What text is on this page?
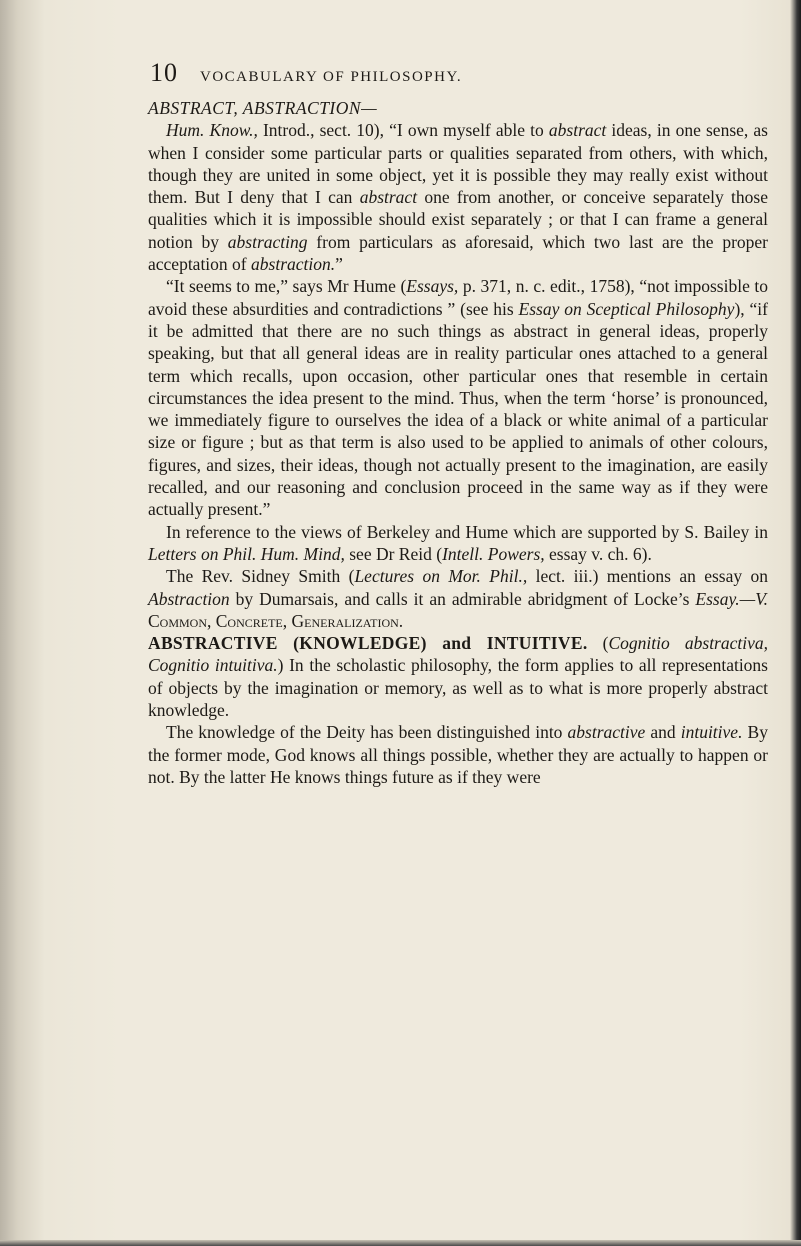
10 VOCABULARY OF PHILOSOPHY.

ABSTRACT, ABSTRACTION—

Hum. Know., Introd., sect. 10), “I own myself able to abstract ideas, in one sense, as when I consider some particular parts or qualities separated from others, with which, though they are united in some object, yet it is possible they may really exist without them. But I deny that I can abstract one from another, or conceive separately those qualities which it is impossible should exist separately ; or that I can frame a general notion by abstracting from particulars as aforesaid, which two last are the proper acceptation of abstraction.”

“It seems to me,” says Mr Hume (Essays, p. 371, n. c. edit., 1758), “not impossible to avoid these absurdities and contradictions ” (see his Essay on Sceptical Philosophy), “if it be admitted that there are no such things as abstract in general ideas, properly speaking, but that all general ideas are in reality particular ones attached to a general term which recalls, upon occasion, other particular ones that resemble in certain circumstances the idea present to the mind. Thus, when the term ‘horse’ is pronounced, we immediately figure to ourselves the idea of a black or white animal of a particular size or figure ; but as that term is also used to be applied to animals of other colours, figures, and sizes, their ideas, though not actually present to the imagination, are easily recalled, and our reasoning and conclusion proceed in the same way as if they were actually present.”

In reference to the views of Berkeley and Hume which are supported by S. Bailey in Letters on Phil. Hum. Mind, see Dr Reid (Intell. Powers, essay v. ch. 6).

The Rev. Sidney Smith (Lectures on Mor. Phil., lect. iii.) mentions an essay on Abstraction by Dumarsais, and calls it an admirable abridgment of Locke’s Essay.—V. Common, Concrete, Generalization.

ABSTRACTIVE (KNOWLEDGE) and INTUITIVE. (Cognitio abstractiva, Cognitio intuitiva.) In the scholastic philosophy, the form applies to all representations of objects by the imagination or memory, as well as to what is more properly abstract knowledge.

The knowledge of the Deity has been distinguished into abstractive and intuitive. By the former mode, God knows all things possible, whether they are actually to happen or not. By the latter He knows things future as if they were
